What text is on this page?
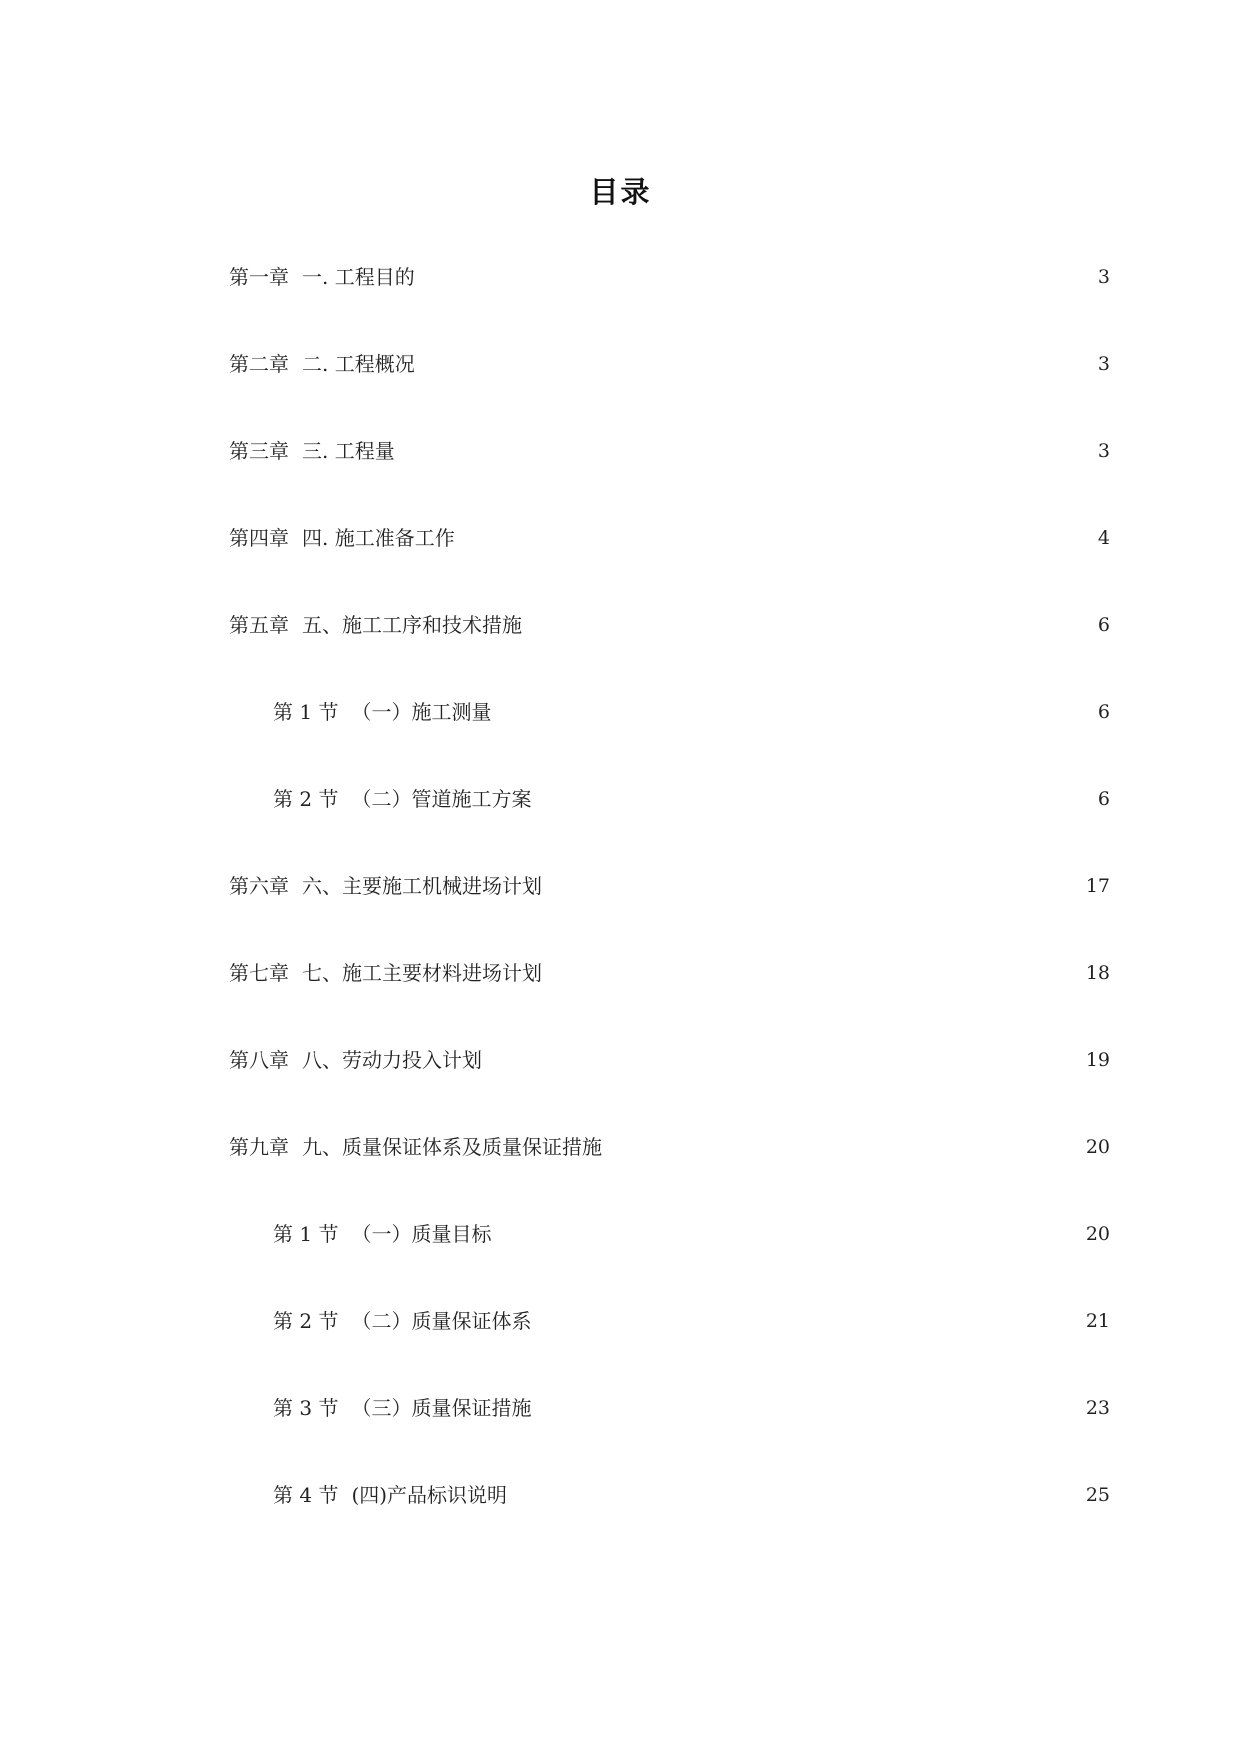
目录
第一章 一. 工程目的	3
第二章 二. 工程概况	3
第三章 三. 工程量	3
第四章 四. 施工准备工作	4
第五章 五、施工工序和技术措施	6
第 1 节 （一）施工测量	6
第 2 节 （二）管道施工方案	6
第六章 六、主要施工机械进场计划	17
第七章 七、施工主要材料进场计划	18
第八章 八、劳动力投入计划	19
第九章 九、质量保证体系及质量保证措施	20
第 1 节 （一）质量目标	20
第 2 节 （二）质量保证体系	21
第 3 节 （三）质量保证措施	23
第 4 节 (四)产品标识说明	25
